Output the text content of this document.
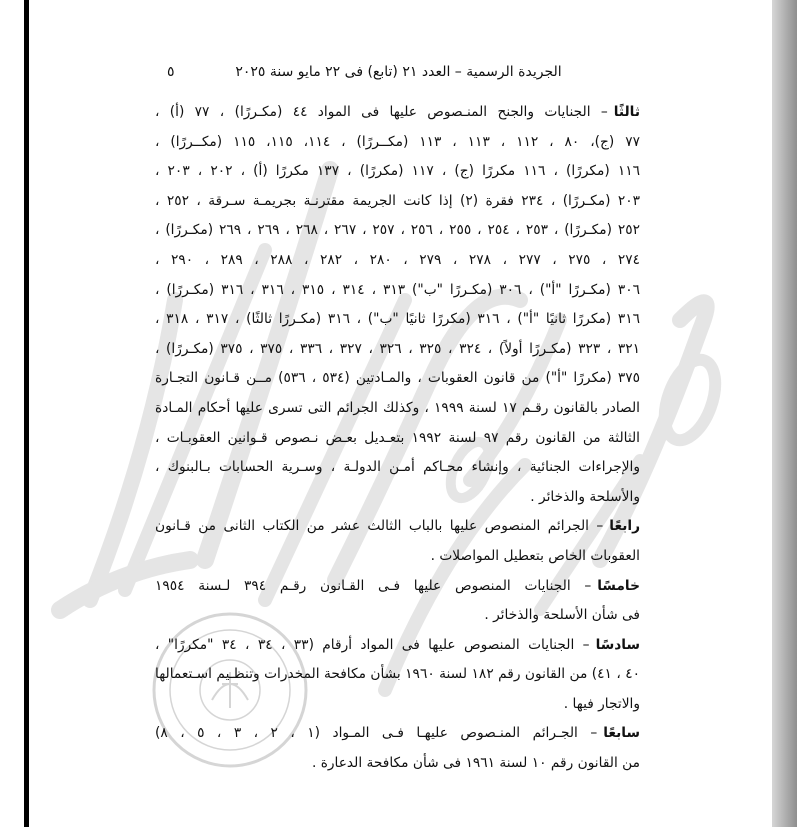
الجريدة الرسمية – العدد ٢١ (تابع) فى ٢٢ مايو سنة ٢٠٢٥
٥
ثالثًا– الجنايات والجنح المنـصوص عليها فى المواد ٤٤ (مكـررًا) ، ٧٧ (أ) ،
٧٧ (ج)، ٨٠ ، ١١٢ ، ١١٣ ، ١١٣ (مكــررًا) ، ١١٤، ١١٥، ١١٥ (مكــررًا) ،
١١٦ (مكررًا) ، ١١٦ مكررًا (ج) ، ١١٧ (مكررًا) ، ١٣٧ مكررًا (أ) ، ٢٠٢ ، ٢٠٣ ،
٢٠٣ (مكـررًا) ، ٢٣٤ فقرة (٢) إذا كانت الجريمة مقترنـة بجريمـة سـرقة ، ٢٥٢ ،
٢٥٢ (مكـررًا) ، ٢٥٣ ، ٢٥٤ ، ٢٥٥ ، ٢٥٦ ، ٢٥٧ ، ٢٦٧ ، ٢٦٨ ، ٢٦٩ ، ٢٦٩ (مكـررًا) ،
٢٧٤ ، ٢٧٥ ، ٢٧٧ ، ٢٧٨ ، ٢٧٩ ، ٢٨٠ ، ٢٨٢ ، ٢٨٨ ، ٢٨٩ ، ٢٩٠ ،
٣٠٦ (مكـررًا "أ") ، ٣٠٦ (مكـررًا "ب") ٣١٣ ، ٣١٤ ، ٣١٥ ، ٣١٦ ، ٣١٦ (مكـررًا) ،
٣١٦ (مكررًا ثانيًا "أ") ، ٣١٦ (مكررًا ثانيًا "ب") ، ٣١٦ (مكـررًا ثالثًا) ، ٣١٧ ، ٣١٨ ،
٣٢١ ، ٣٢٣ (مكـررًا أولاً) ، ٣٢٤ ، ٣٢٥ ، ٣٢٦ ، ٣٢٧ ، ٣٣٦ ، ٣٧٥ ، ٣٧٥ (مكـررًا) ،
٣٧٥ (مكررًا "أ") من قانون العقوبات ، والمـادتين (٥٣٤ ، ٥٣٦) مــن قـانون التجـارة
الصادر بالقانون رقـم ١٧ لسنة ١٩٩٩ ، وكذلك الجرائم التى تسرى عليها أحكام المـادة
الثالثة من القانون رقم ٩٧ لسنة ١٩٩٢ بتعـديل بعـض نـصوص قـوانين العقوبـات ،
والإجراءات الجنائية ، وإنشاء محـاكم أمـن الدولـة ، وسـرية الحسابات بـالبنوك ،
والأسلحة والذخائر .
رابعًا– الجرائم المنصوص عليها بالباب الثالث عشر من الكتاب الثانى من قـانون
العقوبات الخاص بتعطيل المواصلات .
خامسًا– الجنايات المنصوص عليها فـى القـانون رقـم ٣٩٤ لـسنة ١٩٥٤
فى شأن الأسلحة والذخائر .
سادسًا– الجنايات المنصوص عليها فى المواد أرقام (٣٣ ، ٣٤ ، ٣٤ "مكررًا" ،
٤٠ ، ٤١) من القانون رقم ١٨٢ لسنة ١٩٦٠ بشأن مكافحة المخدرات وتنظـيم اسـتعمالها
والاتجار فيها .
سابعًا– الجـرائم المنـصوص عليهـا فـى المـواد (١ ، ٢ ، ٣ ، ٥ ، ٨)
من القانون رقم ١٠ لسنة ١٩٦١ فى شأن مكافحة الدعارة .
